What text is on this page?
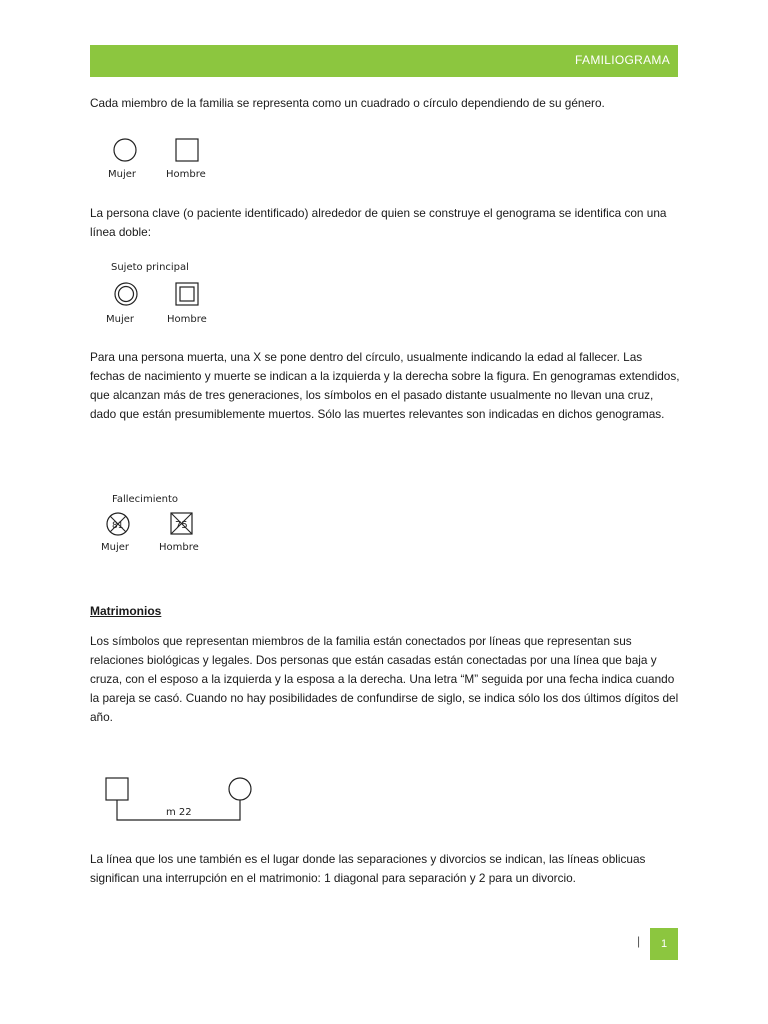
FAMILIOGRAMA

Cada miembro de la familia se representa como un cuadrado o círculo dependiendo de su género.

Mujer	Hombre

La persona clave (o paciente identificado) alrededor de quien se construye el genograma se identifica con una línea doble:

Sujeto principal
Mujer	Hombre

Para una persona muerta, una X se pone dentro del círculo, usualmente indicando la edad al fallecer. Las fechas de nacimiento y muerte se indican a la izquierda y la derecha sobre la figura. En genogramas extendidos, que alcanzan más de tres generaciones, los símbolos en el pasado distante usualmente no llevan una cruz, dado que están presumiblemente muertos. Sólo las muertes relevantes son indicadas en dichos genogramas.

Fallecimiento
81	75
Mujer	Hombre

Matrimonios

Los símbolos que representan miembros de la familia están conectados por líneas que representan sus relaciones biológicas y legales. Dos personas que están casadas están conectadas por una línea que baja y cruza, con el esposo a la izquierda y la esposa a la derecha. Una letra “M” seguida por una fecha indica cuando la pareja se casó. Cuando no hay posibilidades de confundirse de siglo, se indica sólo los dos últimos dígitos del año.

m 22

La línea que los une también es el lugar donde las separaciones y divorcios se indican, las líneas oblicuas significan una interrupción en el matrimonio: 1 diagonal para separación y 2 para un divorcio.

| 1
